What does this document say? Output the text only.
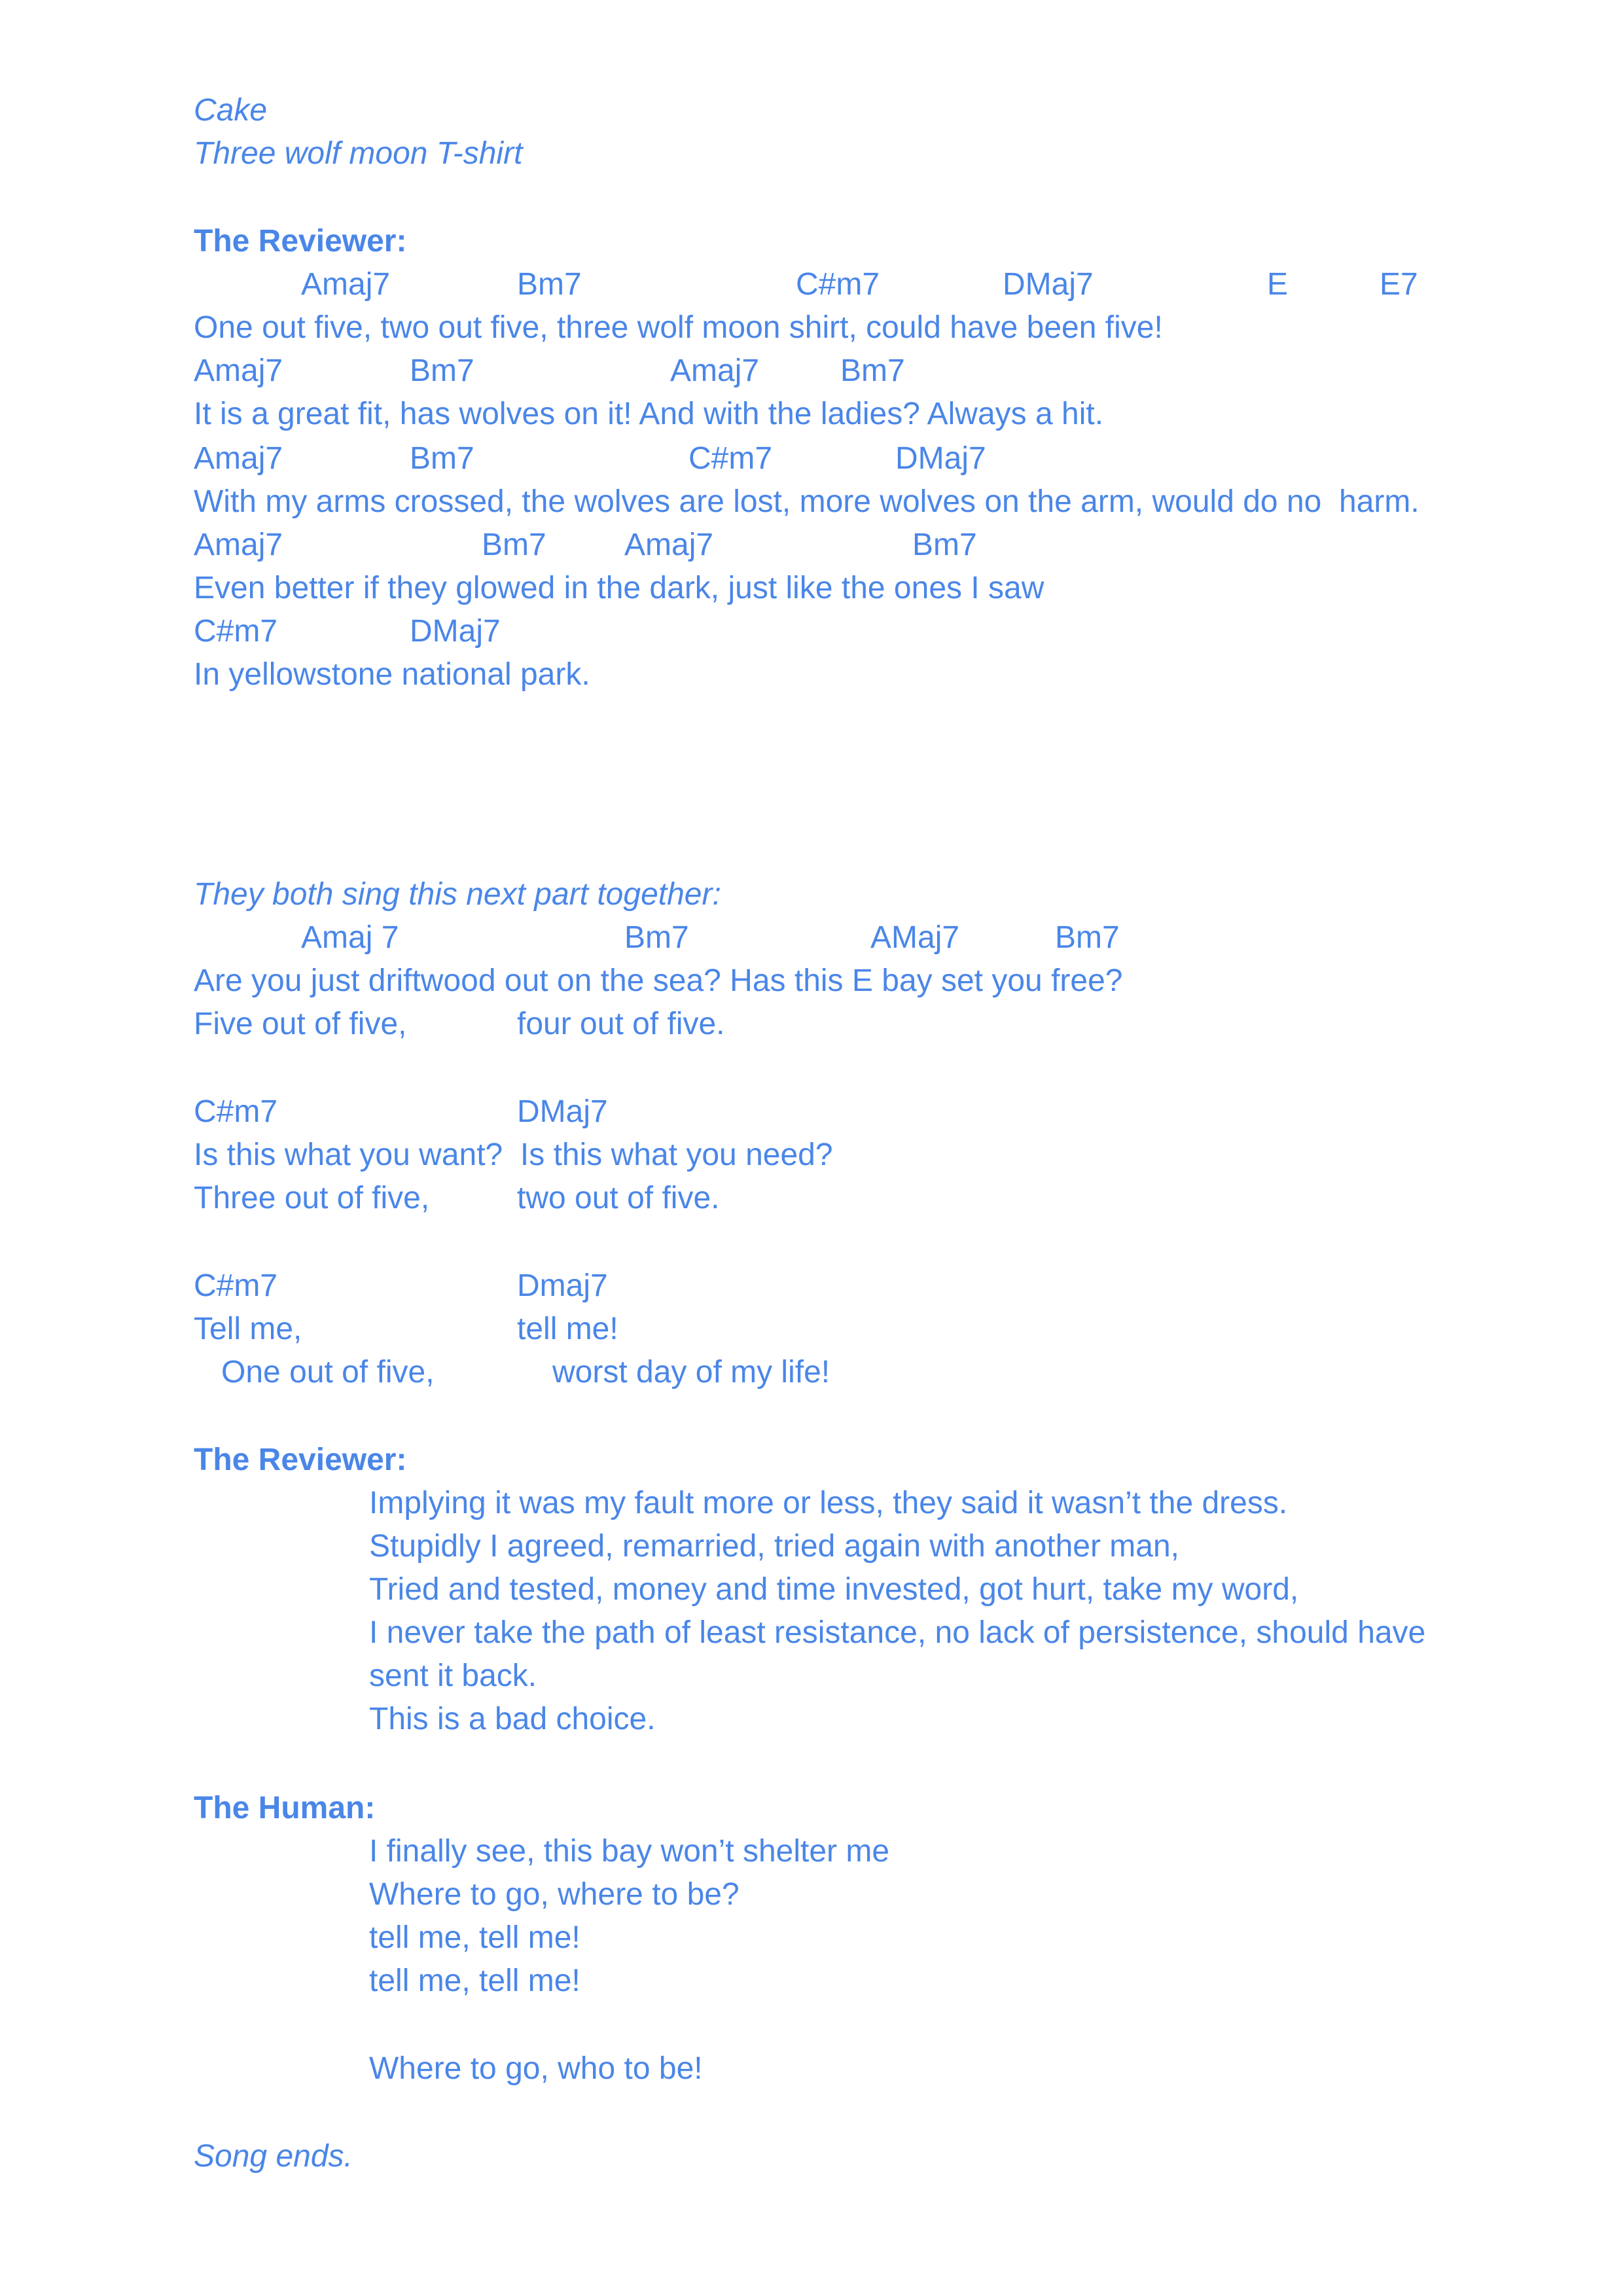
Cake
Three wolf moon T-shirt
The Reviewer:

Amaj7

	Bm7

	C#m7

	DMaj7

	E

	E7

One out five, two out five, three wolf moon shirt, could have been five!

Amaj7

	Bm7

	Amaj7

	Bm7

It is a great fit, has wolves on it! And with the ladies? Always a hit.

Amaj7

	Bm7

	C#m7

	DMaj7

With my arms crossed, the wolves are lost, more wolves on the arm, would do no  harm.

Amaj7

	Bm7

Amaj7

	Bm7

Even better if they glowed in the dark, just like the ones I saw

C#m7

	DMaj7

In yellowstone national park.
They both sing this next part together:

Amaj 7

	Bm7

	AMaj7

	Bm7

Are you just driftwood out on the sea? Has this E bay set you free?

Five out of five,

	four out of five.

C#m7

	DMaj7

Is this what you want?  Is this what you need?

Three out of five,

	two out of five.

C#m7

	Dmaj7

Tell me,

	tell me!

One out of five,

	worst day of my life!

The Reviewer:
Implying it was my fault more or less, they said it wasn’t the dress.
Stupidly I agreed, remarried, tried again with another man,
Tried and tested, money and time invested, got hurt, take my word,
I never take the path of least resistance, no lack of persistence, should have
sent it back.
This is a bad choice.
The Human:
I finally see, this bay won’t shelter me
Where to go, where to be?
tell me, tell me!
tell me, tell me!
Where to go, who to be!
Song ends.
